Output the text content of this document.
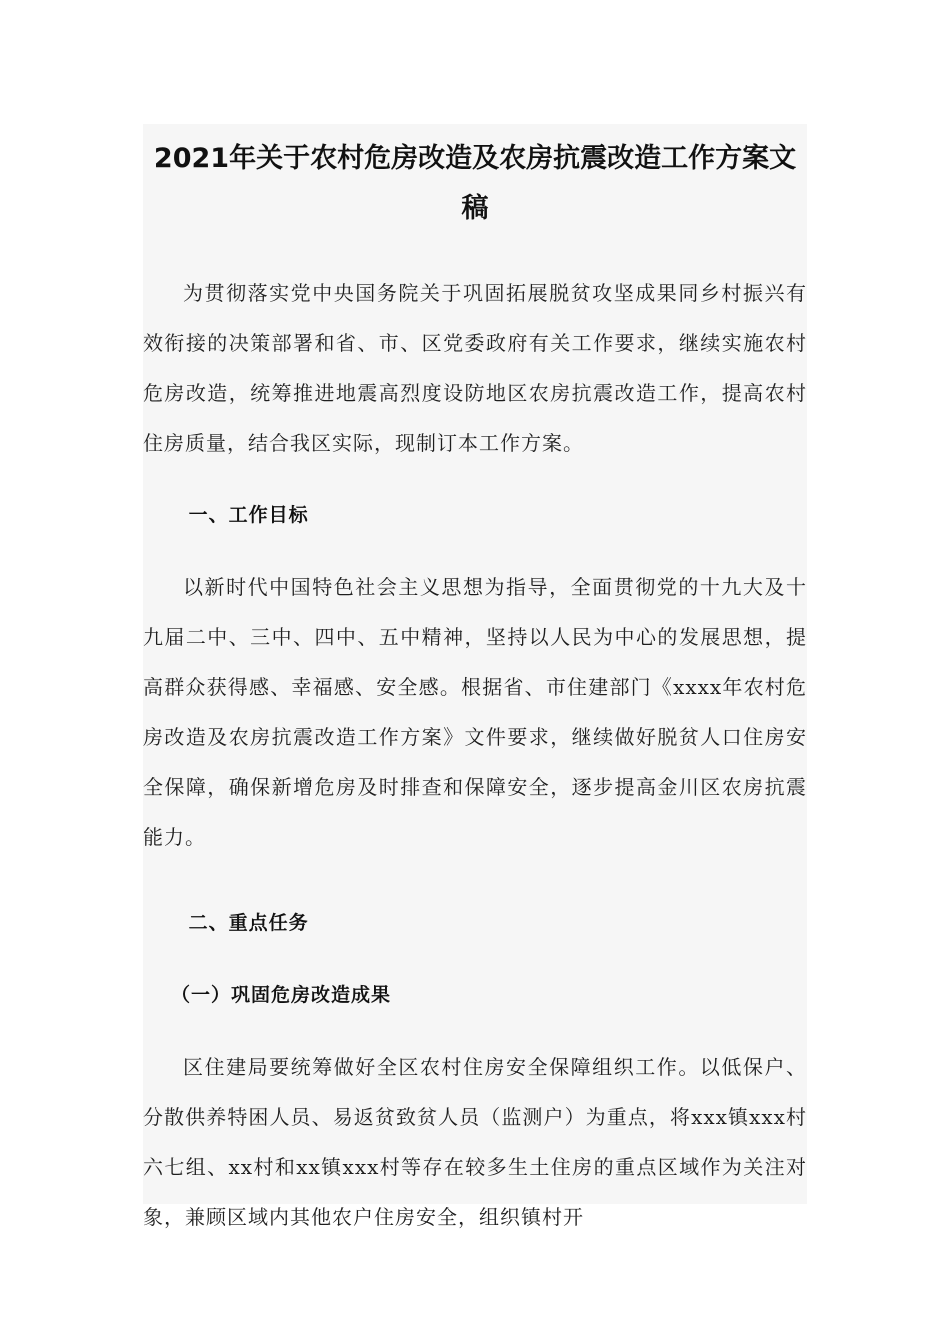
2021年关于农村危房改造及农房抗震改造工作方案文稿

为贯彻落实党中央国务院关于巩固拓展脱贫攻坚成果同乡村振兴有效衔接的决策部署和省、市、区党委政府有关工作要求，继续实施农村危房改造，统筹推进地震高烈度设防地区农房抗震改造工作，提高农村住房质量，结合我区实际，现制订本工作方案。

一、工作目标

以新时代中国特色社会主义思想为指导，全面贯彻党的十九大及十九届二中、三中、四中、五中精神，坚持以人民为中心的发展思想，提高群众获得感、幸福感、安全感。根据省、市住建部门《xxxx年农村危房改造及农房抗震改造工作方案》文件要求，继续做好脱贫人口住房安全保障，确保新增危房及时排查和保障安全，逐步提高金川区农房抗震能力。

二、重点任务
（一）巩固危房改造成果

区住建局要统筹做好全区农村住房安全保障组织工作。以低保户、分散供养特困人员、易返贫致贫人员（监测户）为重点，将xxx镇xxx村六七组、xx村和xx镇xxx村等存在较多生土住房的重点区域作为关注对象，兼顾区域内其他农户住房安全，组织镇村开
